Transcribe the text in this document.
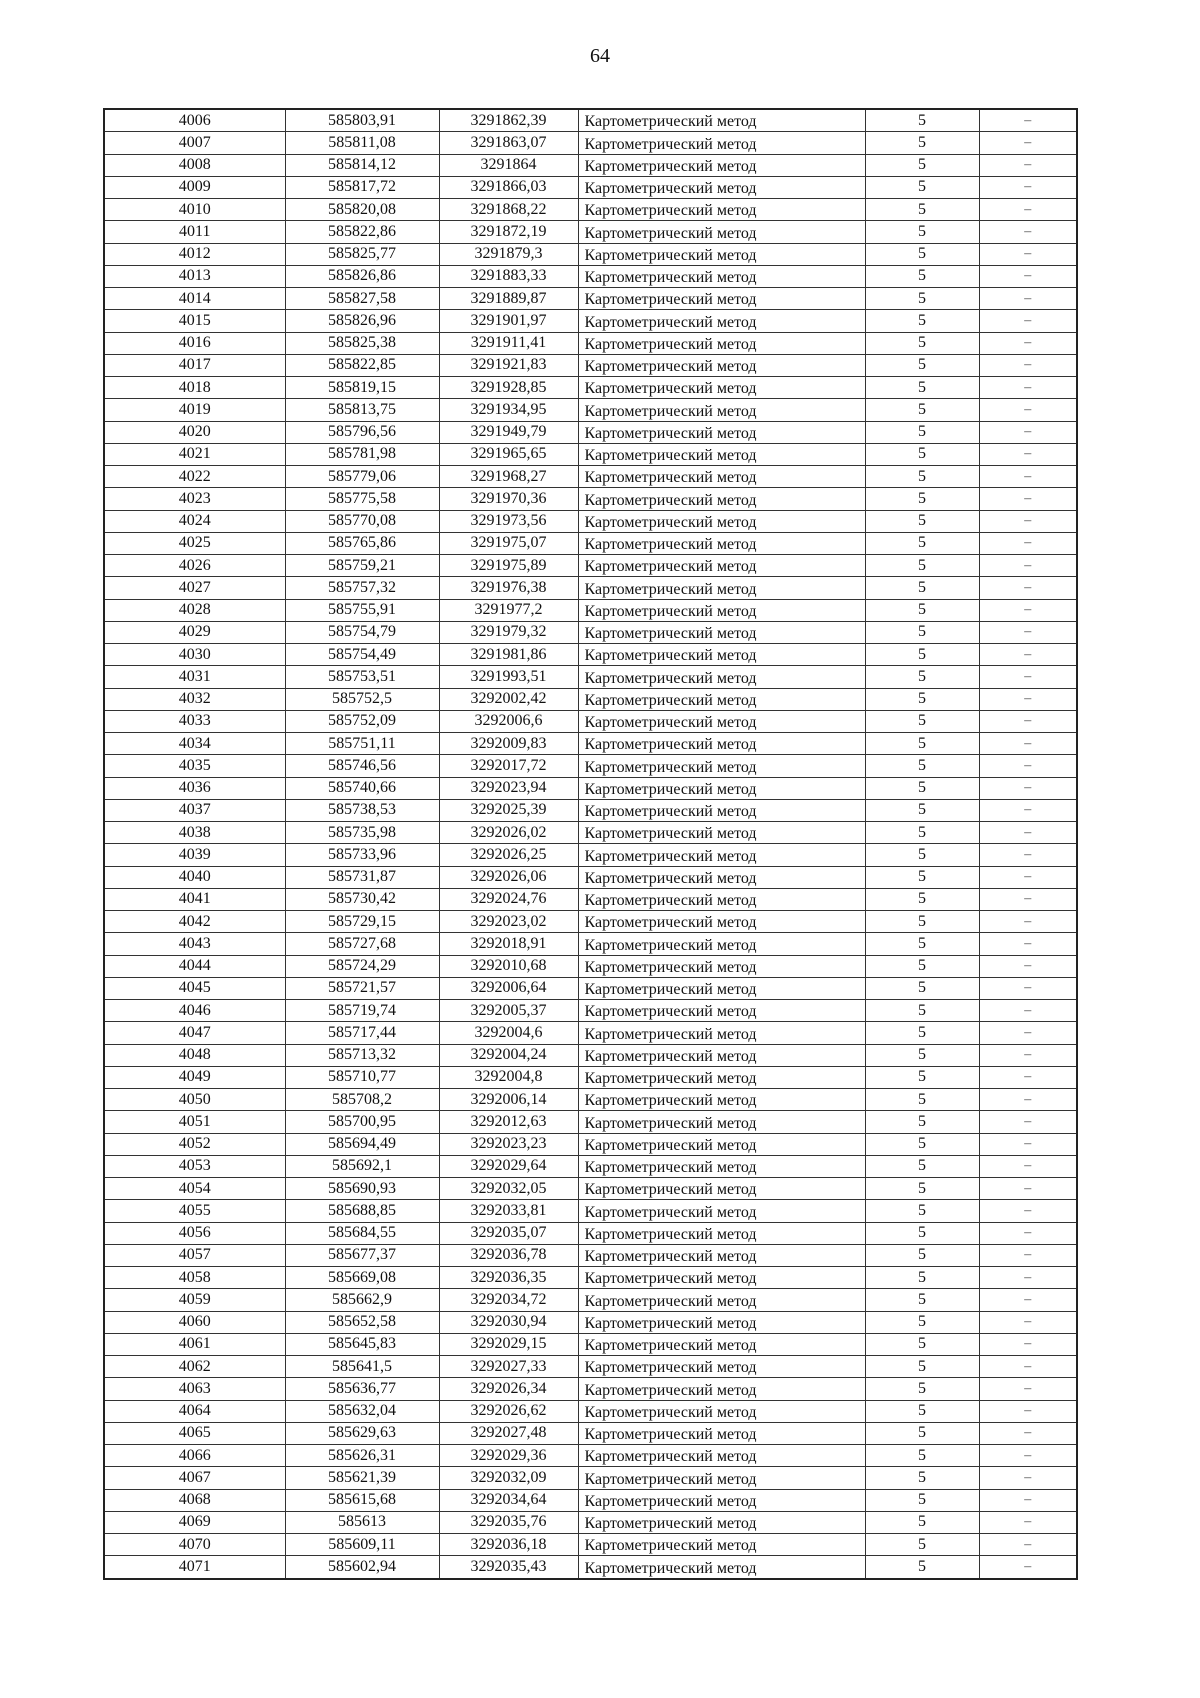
64
4006	585803,91	3291862,39	Картометрический метод	5	–
4007	585811,08	3291863,07	Картометрический метод	5	–
4008	585814,12	3291864	Картометрический метод	5	–
4009	585817,72	3291866,03	Картометрический метод	5	–
4010	585820,08	3291868,22	Картометрический метод	5	–
4011	585822,86	3291872,19	Картометрический метод	5	–
4012	585825,77	3291879,3	Картометрический метод	5	–
4013	585826,86	3291883,33	Картометрический метод	5	–
4014	585827,58	3291889,87	Картометрический метод	5	–
4015	585826,96	3291901,97	Картометрический метод	5	–
4016	585825,38	3291911,41	Картометрический метод	5	–
4017	585822,85	3291921,83	Картометрический метод	5	–
4018	585819,15	3291928,85	Картометрический метод	5	–
4019	585813,75	3291934,95	Картометрический метод	5	–
4020	585796,56	3291949,79	Картометрический метод	5	–
4021	585781,98	3291965,65	Картометрический метод	5	–
4022	585779,06	3291968,27	Картометрический метод	5	–
4023	585775,58	3291970,36	Картометрический метод	5	–
4024	585770,08	3291973,56	Картометрический метод	5	–
4025	585765,86	3291975,07	Картометрический метод	5	–
4026	585759,21	3291975,89	Картометрический метод	5	–
4027	585757,32	3291976,38	Картометрический метод	5	–
4028	585755,91	3291977,2	Картометрический метод	5	–
4029	585754,79	3291979,32	Картометрический метод	5	–
4030	585754,49	3291981,86	Картометрический метод	5	–
4031	585753,51	3291993,51	Картометрический метод	5	–
4032	585752,5	3292002,42	Картометрический метод	5	–
4033	585752,09	3292006,6	Картометрический метод	5	–
4034	585751,11	3292009,83	Картометрический метод	5	–
4035	585746,56	3292017,72	Картометрический метод	5	–
4036	585740,66	3292023,94	Картометрический метод	5	–
4037	585738,53	3292025,39	Картометрический метод	5	–
4038	585735,98	3292026,02	Картометрический метод	5	–
4039	585733,96	3292026,25	Картометрический метод	5	–
4040	585731,87	3292026,06	Картометрический метод	5	–
4041	585730,42	3292024,76	Картометрический метод	5	–
4042	585729,15	3292023,02	Картометрический метод	5	–
4043	585727,68	3292018,91	Картометрический метод	5	–
4044	585724,29	3292010,68	Картометрический метод	5	–
4045	585721,57	3292006,64	Картометрический метод	5	–
4046	585719,74	3292005,37	Картометрический метод	5	–
4047	585717,44	3292004,6	Картометрический метод	5	–
4048	585713,32	3292004,24	Картометрический метод	5	–
4049	585710,77	3292004,8	Картометрический метод	5	–
4050	585708,2	3292006,14	Картометрический метод	5	–
4051	585700,95	3292012,63	Картометрический метод	5	–
4052	585694,49	3292023,23	Картометрический метод	5	–
4053	585692,1	3292029,64	Картометрический метод	5	–
4054	585690,93	3292032,05	Картометрический метод	5	–
4055	585688,85	3292033,81	Картометрический метод	5	–
4056	585684,55	3292035,07	Картометрический метод	5	–
4057	585677,37	3292036,78	Картометрический метод	5	–
4058	585669,08	3292036,35	Картометрический метод	5	–
4059	585662,9	3292034,72	Картометрический метод	5	–
4060	585652,58	3292030,94	Картометрический метод	5	–
4061	585645,83	3292029,15	Картометрический метод	5	–
4062	585641,5	3292027,33	Картометрический метод	5	–
4063	585636,77	3292026,34	Картометрический метод	5	–
4064	585632,04	3292026,62	Картометрический метод	5	–
4065	585629,63	3292027,48	Картометрический метод	5	–
4066	585626,31	3292029,36	Картометрический метод	5	–
4067	585621,39	3292032,09	Картометрический метод	5	–
4068	585615,68	3292034,64	Картометрический метод	5	–
4069	585613	3292035,76	Картометрический метод	5	–
4070	585609,11	3292036,18	Картометрический метод	5	–
4071	585602,94	3292035,43	Картометрический метод	5	–
